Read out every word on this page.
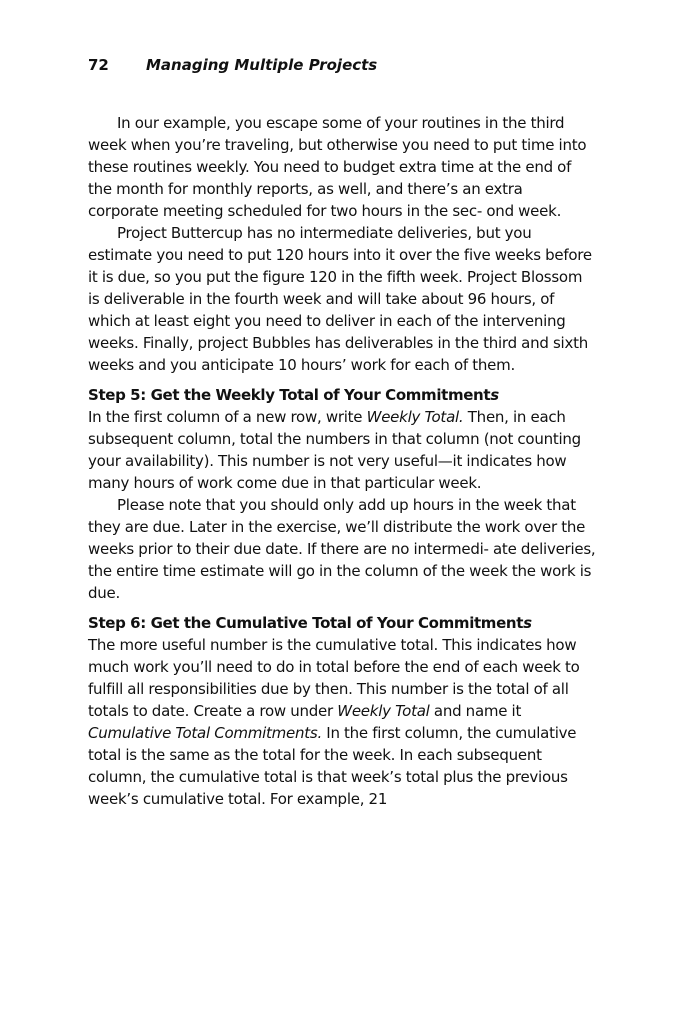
72 Managing Multiple Projects

In our example, you escape some of your routines in the third week when you’re traveling, but otherwise you need to put time into these routines weekly. You need to budget extra time at the end of the month for monthly reports, as well, and there’s an extra corporate meeting scheduled for two hours in the sec- ond week.

Project Buttercup has no intermediate deliveries, but you estimate you need to put 120 hours into it over the five weeks before it is due, so you put the figure 120 in the fifth week. Project Blossom is deliverable in the fourth week and will take about 96 hours, of which at least eight you need to deliver in each of the intervening weeks. Finally, project Bubbles has deliverables in the third and sixth weeks and you anticipate 10 hours’ work for each of them.

Step 5: Get the Weekly Total of Your Commitments

In the first column of a new row, write Weekly Total. Then, in each subsequent column, total the numbers in that column (not counting your availability). This number is not very useful—it indicates how many hours of work come due in that particular week.

Please note that you should only add up hours in the week that they are due. Later in the exercise, we’ll distribute the work over the weeks prior to their due date. If there are no intermedi- ate deliveries, the entire time estimate will go in the column of the week the work is due.

Step 6: Get the Cumulative Total of Your Commitments

The more useful number is the cumulative total. This indicates how much work you’ll need to do in total before the end of each week to fulfill all responsibilities due by then. This number is the total of all totals to date. Create a row under Weekly Total and name it Cumulative Total Commitments. In the first column, the cumulative total is the same as the total for the week. In each subsequent column, the cumulative total is that week’s total plus the previous week’s cumulative total. For example, 21
